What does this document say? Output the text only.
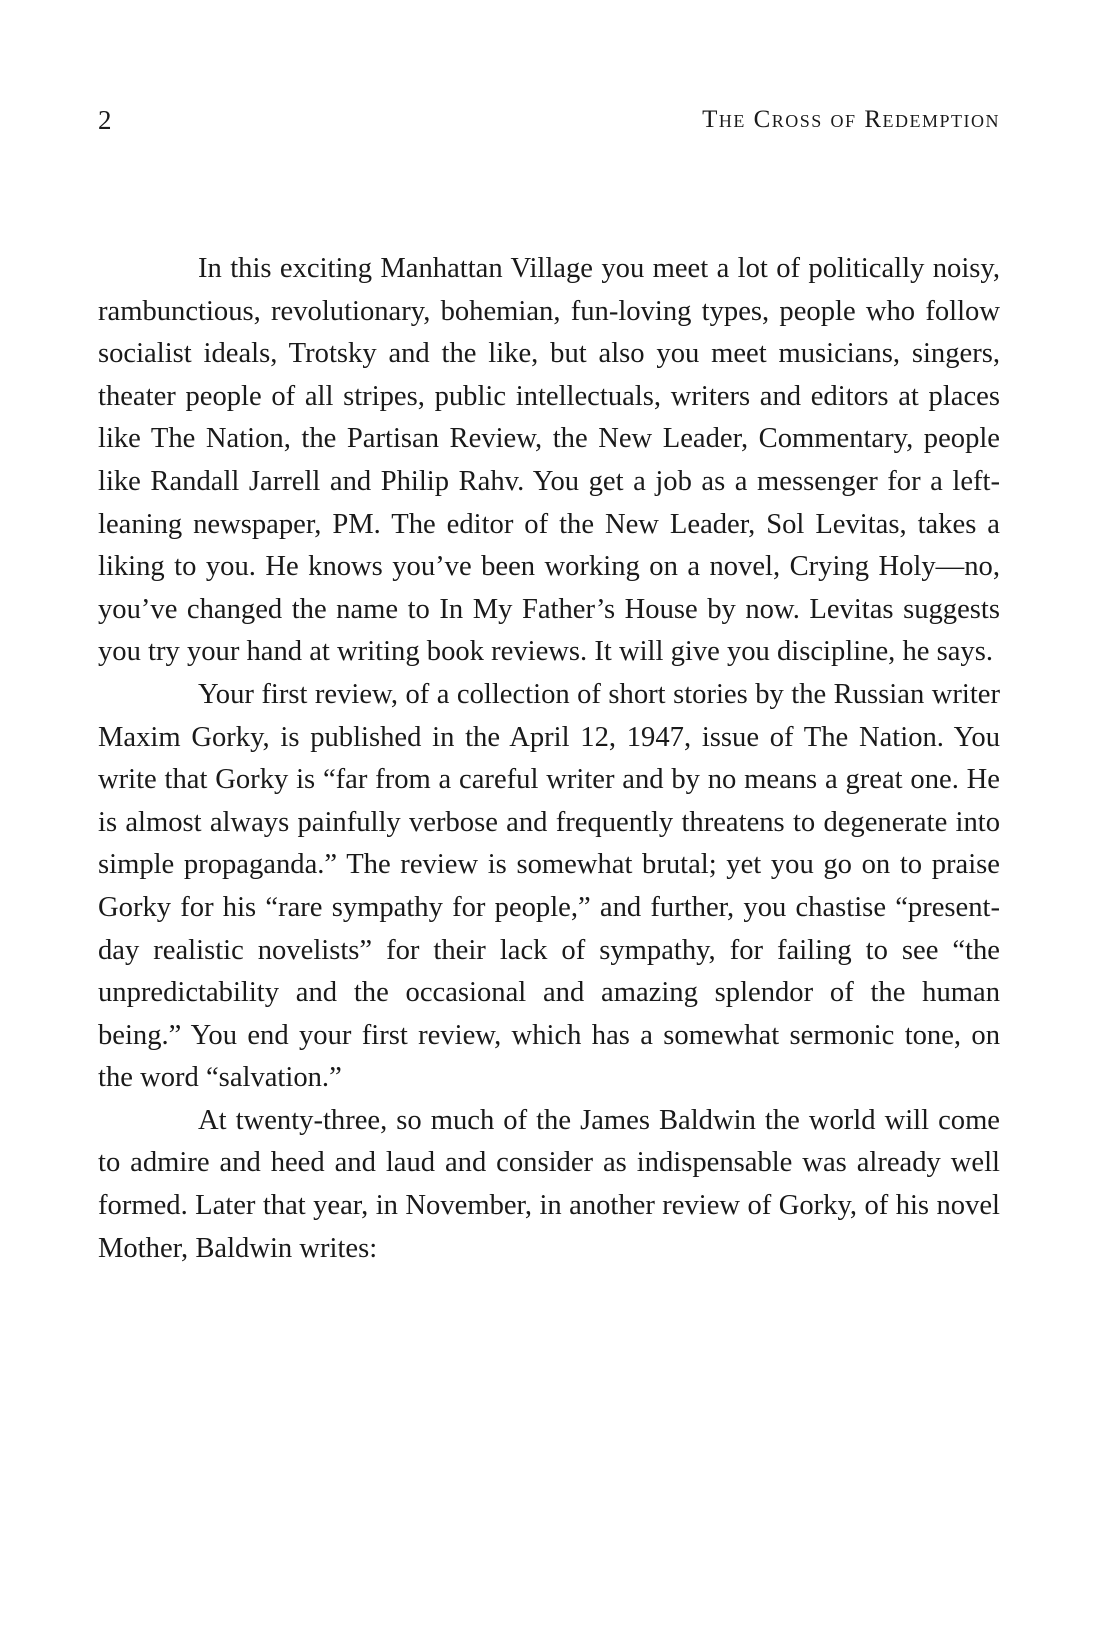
2	The Cross of Redemption

In this exciting Manhattan Village you meet a lot of politically noisy, rambunctious, revolutionary, bohemian, fun-loving types, people who follow socialist ideals, Trotsky and the like, but also you meet musicians, singers, theater people of all stripes, public intellectuals, writers and editors at places like The Nation, the Partisan Review, the New Leader, Commentary, people like Randall Jarrell and Philip Rahv. You get a job as a messenger for a left-leaning newspaper, PM. The editor of the New Leader, Sol Levitas, takes a liking to you. He knows you’ve been working on a novel, Crying Holy—no, you’ve changed the name to In My Father’s House by now. Levitas suggests you try your hand at writing book reviews. It will give you discipline, he says.

Your first review, of a collection of short stories by the Russian writer Maxim Gorky, is published in the April 12, 1947, issue of The Nation. You write that Gorky is “far from a careful writer and by no means a great one. He is almost always painfully verbose and frequently threatens to degenerate into simple propaganda.” The review is somewhat brutal; yet you go on to praise Gorky for his “rare sympathy for people,” and further, you chastise “present-day realistic novelists” for their lack of sympathy, for failing to see “the unpredictability and the occasional and amazing splendor of the human being.” You end your first review, which has a somewhat sermonic tone, on the word “salvation.”

At twenty-three, so much of the James Baldwin the world will come to admire and heed and laud and consider as indispensable was already well formed. Later that year, in November, in another review of Gorky, of his novel Mother, Baldwin writes:
